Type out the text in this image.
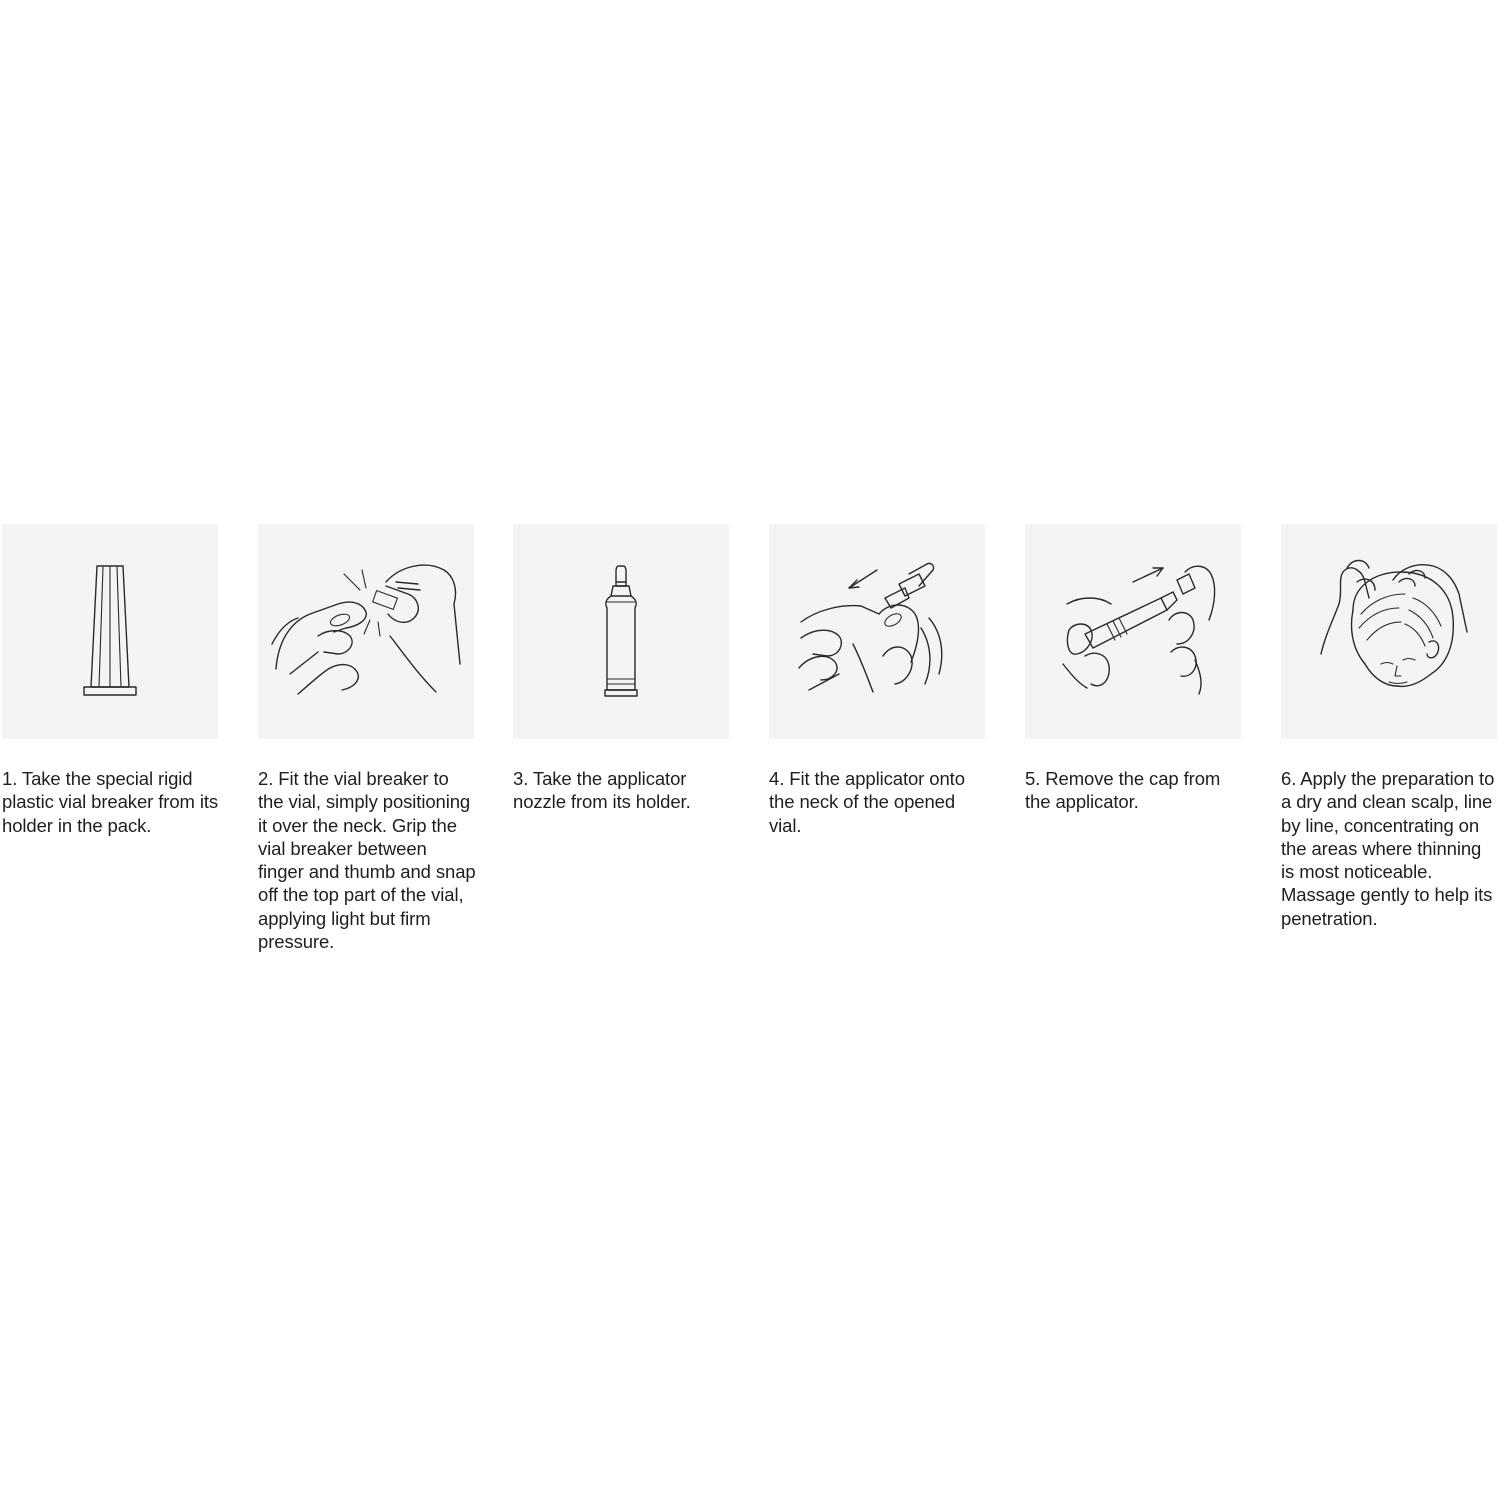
1. Take the special rigid plastic vial breaker from its holder in the pack.
2. Fit the vial breaker to the vial, simply positioning it over the neck. Grip the vial breaker between finger and thumb and snap off the top part of the vial, applying light but firm pressure.
3. Take the applicator nozzle from its holder.
4. Fit the applicator onto the neck of the opened vial.
5. Remove the cap from the applicator.
6. Apply the preparation to a dry and clean scalp, line by line, concentrating on the areas where thinning is most noticeable. Massage gently to help its penetration.
